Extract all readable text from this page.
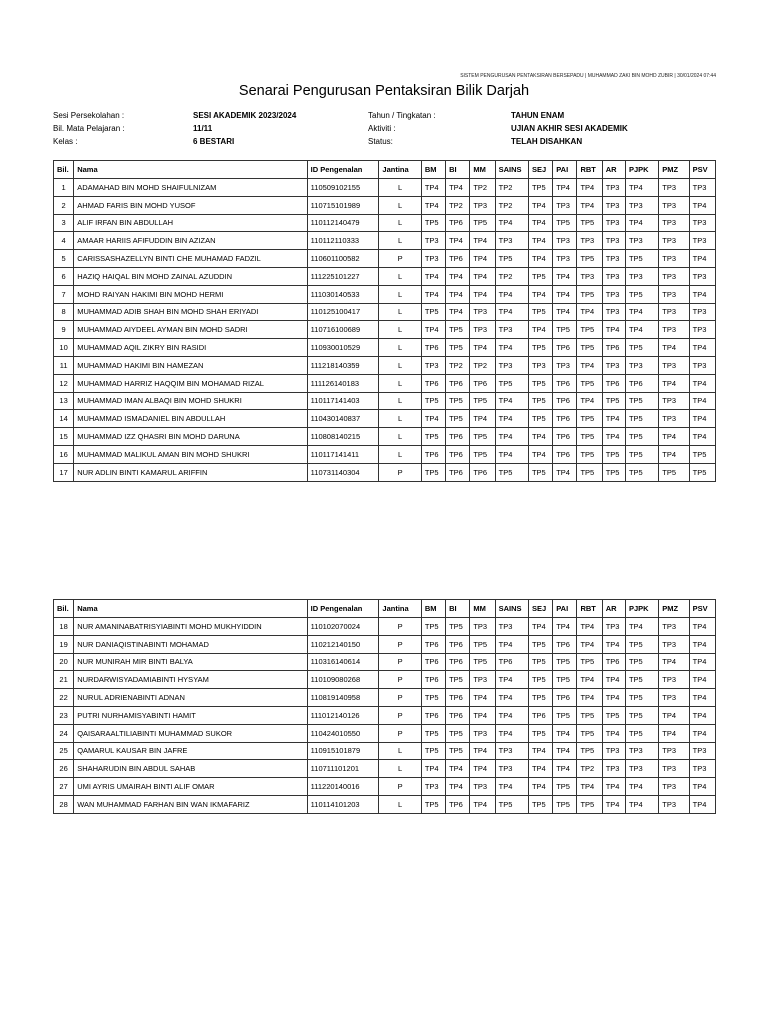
SISTEM PENGURUSAN PENTAKSIRAN BERSEPADU | MUHAMMAD ZAKI BIN MOHD ZUBIR | 30/01/2024 07:44
Senarai Pengurusan Pentaksiran Bilik Darjah
Sesi Persekolahan :	SESI AKADEMIK 2023/2024	Tahun / Tingkatan :	TAHUN ENAM
Bil. Mata Pelajaran :	11/11	Aktiviti :	UJIAN AKHIR SESI AKADEMIK
Kelas :	6 BESTARI	Status:	TELAH DISAHKAN
Bil.	Nama	ID Pengenalan	Jantina	BM	BI	MM	SAINS	SEJ	PAI	RBT	AR	PJPK	PMZ	PSV
1	ADAMAHAD BIN MOHD SHAIFULNIZAM	110509102155	L	TP4	TP4	TP2	TP2	TP5	TP4	TP4	TP3	TP4	TP3	TP3
2	AHMAD FARIS BIN MOHD YUSOF	110715101989	L	TP4	TP2	TP3	TP2	TP4	TP3	TP4	TP3	TP3	TP3	TP4
3	ALIF IRFAN BIN ABDULLAH	110112140479	L	TP5	TP6	TP5	TP4	TP4	TP5	TP5	TP3	TP4	TP3	TP3
4	AMAAR HARIIS AFIFUDDIN BIN AZIZAN	110112110333	L	TP3	TP4	TP4	TP3	TP4	TP3	TP3	TP3	TP3	TP3	TP3
5	CARISSASHAZELLYN BINTI CHE MUHAMAD FADZIL	110601100582	P	TP3	TP6	TP4	TP5	TP4	TP3	TP5	TP3	TP5	TP3	TP4
6	HAZIQ HAIQAL BIN MOHD ZAINAL AZUDDIN	111225101227	L	TP4	TP4	TP4	TP2	TP5	TP4	TP3	TP3	TP3	TP3	TP3
7	MOHD RAIYAN HAKIMI BIN MOHD HERMI	111030140533	L	TP4	TP4	TP4	TP4	TP4	TP4	TP5	TP3	TP5	TP3	TP4
8	MUHAMMAD ADIB SHAH BIN MOHD SHAH ERIYADI	110125100417	L	TP5	TP4	TP3	TP4	TP5	TP4	TP4	TP3	TP4	TP3	TP3
9	MUHAMMAD AIYDEEL AYMAN BIN MOHD SADRI	110716100689	L	TP4	TP5	TP3	TP3	TP4	TP5	TP5	TP4	TP4	TP3	TP3
10	MUHAMMAD AQIL ZIKRY BIN RASIDI	110930010529	L	TP6	TP5	TP4	TP4	TP5	TP6	TP5	TP6	TP5	TP4	TP4
11	MUHAMMAD HAKIMI BIN HAMEZAN	111218140359	L	TP3	TP2	TP2	TP3	TP3	TP3	TP4	TP3	TP3	TP3	TP3
12	MUHAMMAD HARRIZ HAQQIM BIN MOHAMAD RIZAL	111126140183	L	TP6	TP6	TP6	TP5	TP5	TP6	TP5	TP6	TP6	TP4	TP4
13	MUHAMMAD IMAN ALBAQI BIN MOHD SHUKRI	110117141403	L	TP5	TP5	TP5	TP4	TP5	TP6	TP4	TP5	TP5	TP3	TP4
14	MUHAMMAD ISMADANIEL BIN ABDULLAH	110430140837	L	TP4	TP5	TP4	TP4	TP5	TP6	TP5	TP4	TP5	TP3	TP4
15	MUHAMMAD IZZ QHASRI BIN MOHD DARUNA	110808140215	L	TP5	TP6	TP5	TP4	TP4	TP6	TP5	TP4	TP5	TP4	TP4
16	MUHAMMAD MALIKUL AMAN BIN MOHD SHUKRI	110117141411	L	TP6	TP6	TP5	TP4	TP4	TP6	TP5	TP5	TP5	TP4	TP5
17	NUR ADLIN BINTI KAMARUL ARIFFIN	110731140304	P	TP5	TP6	TP6	TP5	TP5	TP4	TP5	TP5	TP5	TP5	TP5
Bil.	Nama	ID Pengenalan	Jantina	BM	BI	MM	SAINS	SEJ	PAI	RBT	AR	PJPK	PMZ	PSV
18	NUR AMANINABATRISYIABINTI MOHD MUKHYIDDIN	110102070024	P	TP5	TP5	TP3	TP3	TP4	TP4	TP4	TP3	TP4	TP3	TP4
19	NUR DANIAQISTINABINTI MOHAMAD	110212140150	P	TP6	TP6	TP5	TP4	TP5	TP6	TP4	TP4	TP5	TP3	TP4
20	NUR MUNIRAH MIR BINTI BALYA	110316140614	P	TP6	TP6	TP5	TP6	TP5	TP5	TP5	TP6	TP5	TP4	TP4
21	NURDARWISYADAMIABINTI HYSYAM	110109080268	P	TP6	TP5	TP3	TP4	TP5	TP5	TP4	TP4	TP5	TP3	TP4
22	NURUL ADRIENABINTI ADNAN	110819140958	P	TP5	TP6	TP4	TP4	TP5	TP6	TP4	TP4	TP5	TP3	TP4
23	PUTRI NURHAMISYABINTI HAMIT	111012140126	P	TP6	TP6	TP4	TP4	TP6	TP5	TP5	TP5	TP5	TP4	TP4
24	QAISARAALTILIABINTI MUHAMMAD SUKOR	110424010550	P	TP5	TP5	TP3	TP4	TP5	TP4	TP5	TP4	TP5	TP4	TP4
25	QAMARUL KAUSAR BIN JAFRE	110915101879	L	TP5	TP5	TP4	TP3	TP4	TP4	TP5	TP3	TP3	TP3	TP3
26	SHAHARUDIN BIN ABDUL SAHAB	110711101201	L	TP4	TP4	TP4	TP3	TP4	TP4	TP2	TP3	TP3	TP3	TP3
27	UMI AYRIS UMAIRAH BINTI ALIF OMAR	111220140016	P	TP3	TP4	TP3	TP4	TP4	TP5	TP4	TP4	TP4	TP3	TP4
28	WAN MUHAMMAD FARHAN BIN WAN IKMAFARIZ	110114101203	L	TP5	TP6	TP4	TP5	TP5	TP5	TP5	TP4	TP4	TP3	TP4
